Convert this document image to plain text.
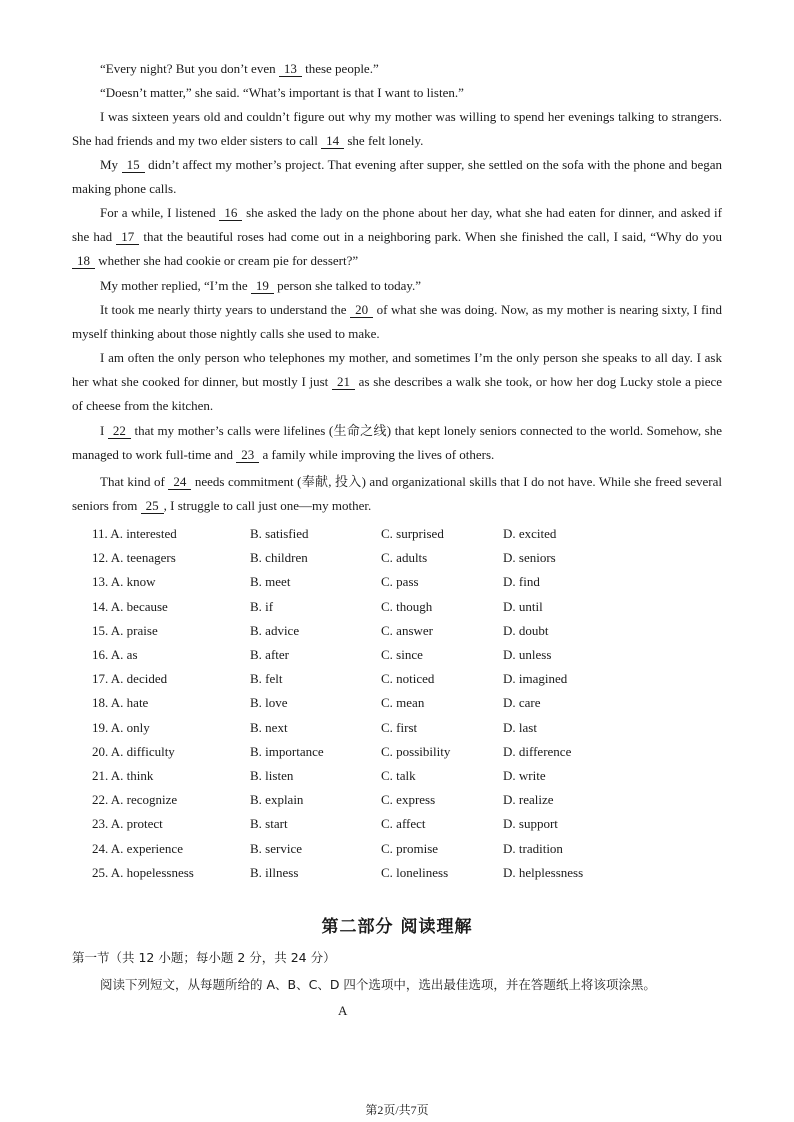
“Every night? But you don’t even 13 these people.”

“Doesn’t matter,” she said. “What’s important is that I want to listen.”

I was sixteen years old and couldn’t figure out why my mother was willing to spend her evenings talking to strangers. She had friends and my two elder sisters to call 14 she felt lonely.

My 15 didn’t affect my mother’s project. That evening after supper, she settled on the sofa with the phone and began making phone calls.

For a while, I listened 16 she asked the lady on the phone about her day, what she had eaten for dinner, and asked if she had 17 that the beautiful roses had come out in a neighboring park. When she finished the call, I said, “Why do you 18 whether she had cookie or cream pie for dessert?”

My mother replied, “I’m the 19 person she talked to today.”

It took me nearly thirty years to understand the 20 of what she was doing. Now, as my mother is nearing sixty, I find myself thinking about those nightly calls she used to make.

I am often the only person who telephones my mother, and sometimes I’m the only person she speaks to all day. I ask her what she cooked for dinner, but mostly I just 21 as she describes a walk she took, or how her dog Lucky stole a piece of cheese from the kitchen.

I 22 that my mother’s calls were lifelines (生命之线) that kept lonely seniors connected to the world. Somehow, she managed to work full-time and 23 a family while improving the lives of others.

That kind of 24 needs commitment (奉献, 投入) and organizational skills that I do not have. While she freed several seniors from 25 , I struggle to call just one—my mother.

11. A. interested	B. satisfied	C. surprised	D. excited
12. A. teenagers	B. children	C. adults	D. seniors
13. A. know	B. meet	C. pass	D. find
14. A. because	B. if	C. though	D. until
15. A. praise	B. advice	C. answer	D. doubt
16. A. as	B. after	C. since	D. unless
17. A. decided	B. felt	C. noticed	D. imagined
18. A. hate	B. love	C. mean	D. care
19. A. only	B. next	C. first	D. last
20. A. difficulty	B. importance	C. possibility	D. difference
21. A. think	B. listen	C. talk	D. write
22. A. recognize	B. explain	C. express	D. realize
23. A. protect	B. start	C. affect	D. support
24. A. experience	B. service	C. promise	D. tradition
25. A. hopelessness	B. illness	C. loneliness	D. helplessness
第二部分 阅读理解
第一节（共 12 小题；每小题 2 分，共 24 分）
阅读下列短文，从每题所给的 A、B、C、D 四个选项中，选出最佳选项，并在答题纸上将该项涂黑。
A
第2页/共7页
